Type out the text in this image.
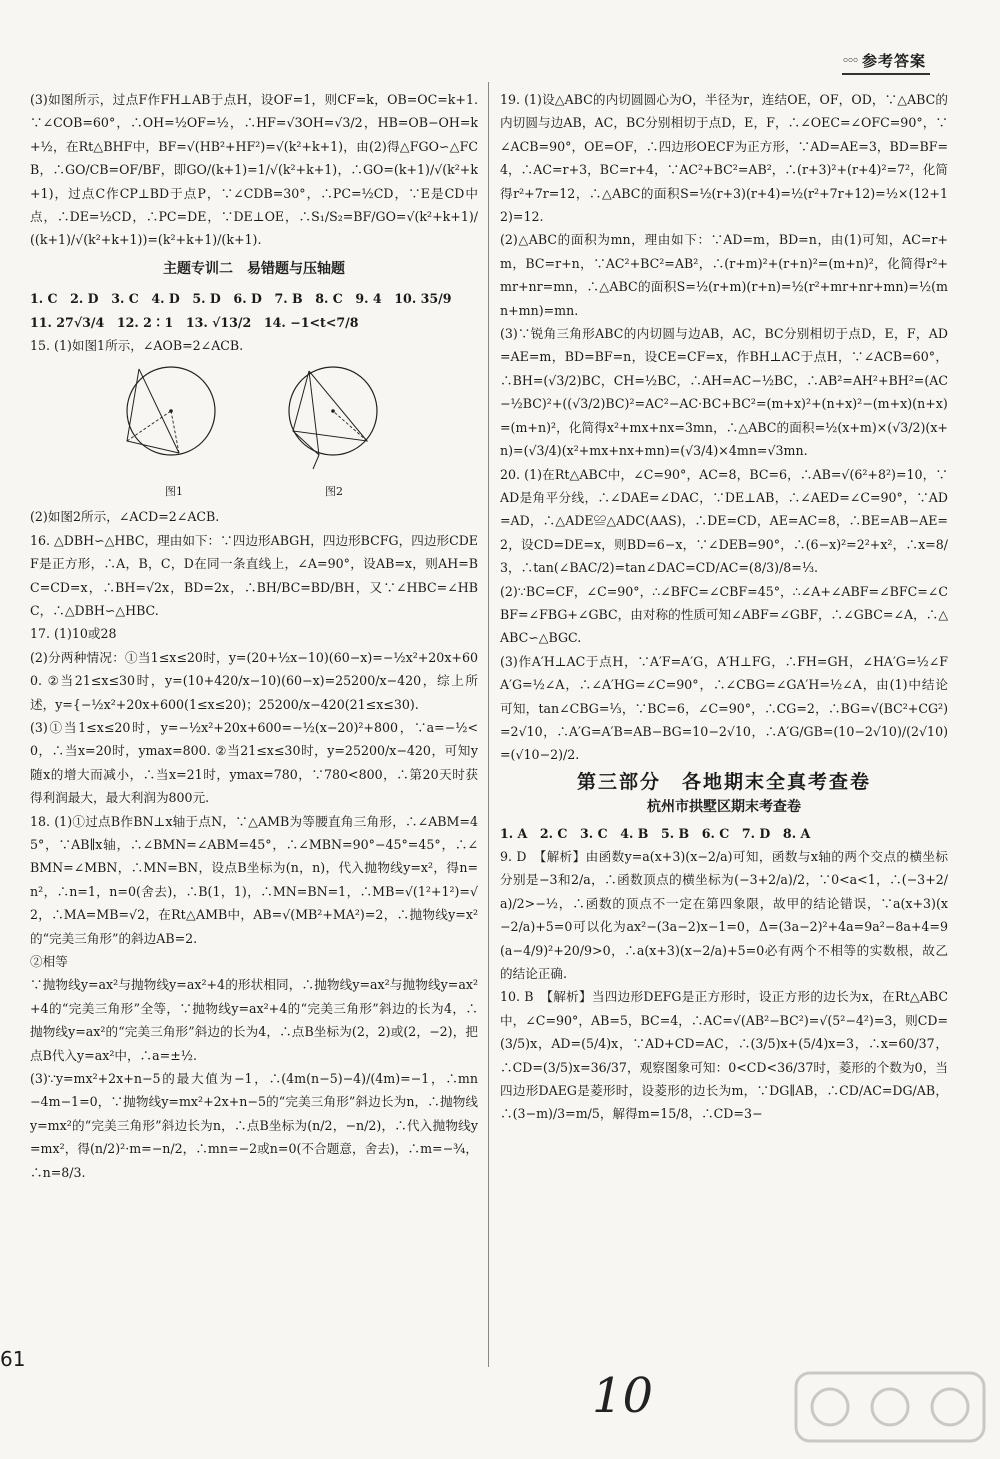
◦◦◦ 参考答案

(3)如图所示，过点F作FH⊥AB于点H，设OF=1，则CF=k，OB=OC=k+1. ∵∠COB=60°，∴OH=½OF=½，∴HF=√3OH=√3/2，HB=OB−OH=k+½，在Rt△BHF中，BF=√(HB²+HF²)=√(k²+k+1)，由(2)得△FGO∽△FCB，∴GO/CB=OF/BF，即GO/(k+1)=1/√(k²+k+1)，∴GO=(k+1)/√(k²+k+1)，过点C作CP⊥BD于点P，∵∠CDB=30°，∴PC=½CD，∵E是CD中点，∴DE=½CD，∴PC=DE，∵DE⊥OE，∴S₁/S₂=BF/GO=√(k²+k+1)/((k+1)/√(k²+k+1))=(k²+k+1)/(k+1).

主题专训二　易错题与压轴题

1. C　2. D　3. C　4. D　5. D　6. D　7. B　8. C　9. 4　10. 35/9

11. 27√3/4　12. 2∶1　13. √13/2　14. −1<t<7/8

15. (1)如图1所示，∠AOB=2∠ACB.

图1	图2

(2)如图2所示，∠ACD=2∠ACB.

16. △DBH∽△HBC，理由如下：∵四边形ABGH，四边形BCFG，四边形CDEF是正方形，∴A，B，C，D在同一条直线上，∠A=90°，设AB=x，则AH=BC=CD=x，∴BH=√2x，BD=2x，∴BH/BC=BD/BH，又∵∠HBC=∠HBC，∴△DBH∽△HBC.

17. (1)10或28

(2)分两种情况：①当1≤x≤20时，y=(20+½x−10)(60−x)=−½x²+20x+600. ②当21≤x≤30时，y=(10+420/x−10)(60−x)=25200/x−420，综上所述，y={−½x²+20x+600(1≤x≤20)；25200/x−420(21≤x≤30).

(3)①当1≤x≤20时，y=−½x²+20x+600=−½(x−20)²+800，∵a=−½<0，∴当x=20时，ymax=800. ②当21≤x≤30时，y=25200/x−420，可知y随x的增大而减小，∴当x=21时，ymax=780，∵780<800，∴第20天时获得利润最大，最大利润为800元.

18. (1)①过点B作BN⊥x轴于点N，∵△AMB为等腰直角三角形，∴∠ABM=45°，∵AB∥x轴，∴∠BMN=∠ABM=45°，∴∠MBN=90°−45°=45°，∴∠BMN=∠MBN，∴MN=BN，设点B坐标为(n，n)，代入抛物线y=x²，得n=n²，∴n=1，n=0(舍去)，∴B(1，1)，∴MN=BN=1，∴MB=√(1²+1²)=√2，∴MA=MB=√2，在Rt△AMB中，AB=√(MB²+MA²)=2，∴抛物线y=x²的“完美三角形”的斜边AB=2.

②相等

∵抛物线y=ax²与抛物线y=ax²+4的形状相同，∴抛物线y=ax²与抛物线y=ax²+4的“完美三角形”全等，∵抛物线y=ax²+4的“完美三角形”斜边的长为4，∴抛物线y=ax²的“完美三角形”斜边的长为4，∴点B坐标为(2，2)或(2，−2)，把点B代入y=ax²中，∴a=±½.

(3)∵y=mx²+2x+n−5的最大值为−1，∴(4m(n−5)−4)/(4m)=−1，∴mn−4m−1=0，∵抛物线y=mx²+2x+n−5的“完美三角形”斜边长为n，∴抛物线y=mx²的“完美三角形”斜边长为n，∴点B坐标为(n/2，−n/2)，∴代入抛物线y=mx²，得(n/2)²·m=−n/2，∴mn=−2或n=0(不合题意，舍去)，∴m=−¾，∴n=8/3.

19. (1)设△ABC的内切圆圆心为O，半径为r，连结OE，OF，OD，∵△ABC的内切圆与边AB，AC，BC分别相切于点D，E，F，∴∠OEC=∠OFC=90°，∵∠ACB=90°，OE=OF，∴四边形OECF为正方形，∵AD=AE=3，BD=BF=4，∴AC=r+3，BC=r+4，∵AC²+BC²=AB²，∴(r+3)²+(r+4)²=7²，化简得r²+7r=12，∴△ABC的面积S=½(r+3)(r+4)=½(r²+7r+12)=½×(12+12)=12.

(2)△ABC的面积为mn，理由如下：∵AD=m，BD=n，由(1)可知，AC=r+m，BC=r+n，∵AC²+BC²=AB²，∴(r+m)²+(r+n)²=(m+n)²，化简得r²+mr+nr=mn，∴△ABC的面积S=½(r+m)(r+n)=½(r²+mr+nr+mn)=½(mn+mn)=mn.

(3)∵锐角三角形ABC的内切圆与边AB，AC，BC分别相切于点D，E，F，AD=AE=m，BD=BF=n，设CE=CF=x，作BH⊥AC于点H，∵∠ACB=60°，∴BH=(√3/2)BC，CH=½BC，∴AH=AC−½BC，∴AB²=AH²+BH²=(AC−½BC)²+((√3/2)BC)²=AC²−AC·BC+BC²=(m+x)²+(n+x)²−(m+x)(n+x)=(m+n)²，化简得x²+mx+nx=3mn，∴△ABC的面积=½(x+m)×(√3/2)(x+n)=(√3/4)(x²+mx+nx+mn)=(√3/4)×4mn=√3mn.

20. (1)在Rt△ABC中，∠C=90°，AC=8，BC=6，∴AB=√(6²+8²)=10，∵AD是角平分线，∴∠DAE=∠DAC，∵DE⊥AB，∴∠AED=∠C=90°，∵AD=AD，∴△ADE≌△ADC(AAS)，∴DE=CD，AE=AC=8，∴BE=AB−AE=2，设CD=DE=x，则BD=6−x，∵∠DEB=90°，∴(6−x)²=2²+x²，∴x=8/3，∴tan(∠BAC/2)=tan∠DAC=CD/AC=(8/3)/8=⅓.

(2)∵BC=CF，∠C=90°，∴∠BFC=∠CBF=45°，∴∠A+∠ABF=∠BFC=∠CBF=∠FBG+∠GBC，由对称的性质可知∠ABF=∠GBF，∴∠GBC=∠A，∴△ABC∽△BGC.

(3)作A′H⊥AC于点H，∵A′F=A′G，A′H⊥FG，∴FH=GH，∠HA′G=½∠FA′G=½∠A，∴∠A′HG=∠C=90°，∴∠CBG=∠GA′H=½∠A，由(1)中结论可知，tan∠CBG=⅓，∵BC=6，∠C=90°，∴CG=2，∴BG=√(BC²+CG²)=2√10，∴A′G=A′B=AB−BG=10−2√10，∴A′G/GB=(10−2√10)/(2√10)=(√10−2)/2.

第三部分　各地期末全真考查卷
杭州市拱墅区期末考查卷

1. A　2. C　3. C　4. B　5. B　6. C　7. D　8. A

9. D　【解析】由函数y=a(x+3)(x−2/a)可知，函数与x轴的两个交点的横坐标分别是−3和2/a，∴函数顶点的横坐标为(−3+2/a)/2，∵0<a<1，∴(−3+2/a)/2>−½，∴函数的顶点不一定在第四象限，故甲的结论错误，∵a(x+3)(x−2/a)+5=0可以化为ax²−(3a−2)x−1=0，Δ=(3a−2)²+4a=9a²−8a+4=9(a−4/9)²+20/9>0，∴a(x+3)(x−2/a)+5=0必有两个不相等的实数根，故乙的结论正确.

10. B　【解析】当四边形DEFG是正方形时，设正方形的边长为x，在Rt△ABC中，∠C=90°，AB=5，BC=4，∴AC=√(AB²−BC²)=√(5²−4²)=3，则CD=(3/5)x，AD=(5/4)x，∵AD+CD=AC，∴(3/5)x+(5/4)x=3，∴x=60/37，∴CD=(3/5)x=36/37，观察图象可知：0<CD<36/37时，菱形的个数为0，当四边形DAEG是菱形时，设菱形的边长为m，∵DG∥AB，∴CD/AC=DG/AB，∴(3−m)/3=m/5，解得m=15/8，∴CD=3−

61
10
